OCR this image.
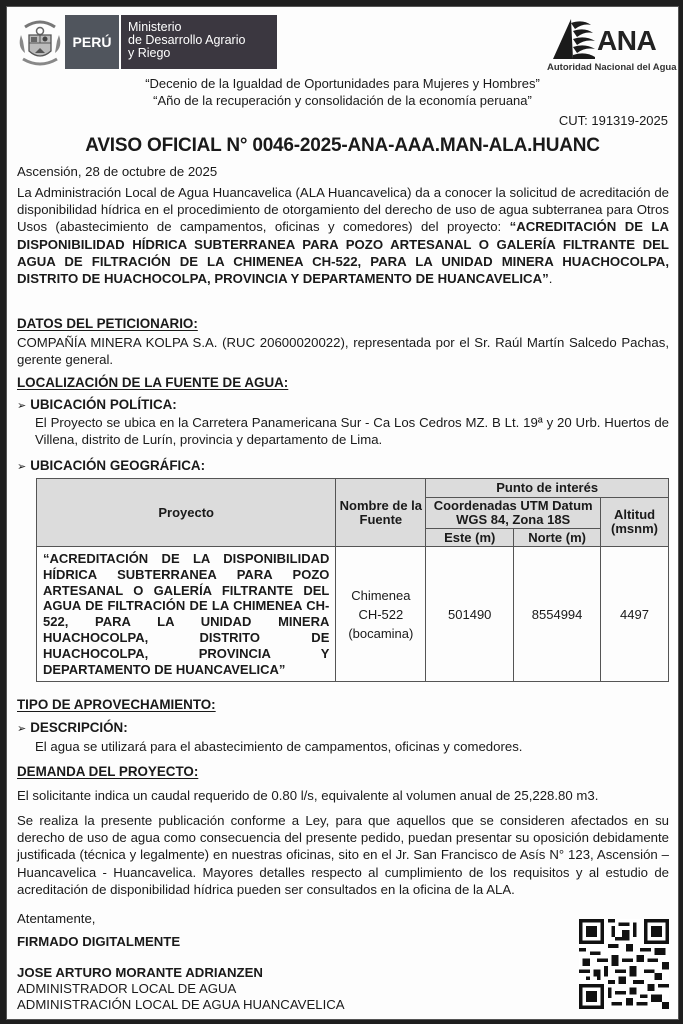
PERÚ
Ministerio
de Desarrollo Agrario
y Riego	ANA
Autoridad Nacional del Agua
“Decenio de la Igualdad de Oportunidades para Mujeres y Hombres”
“Año de la recuperación y consolidación de la economía peruana”
CUT: 191319-2025
AVISO OFICIAL N° 0046-2025-ANA-AAA.MAN-ALA.HUANC
Ascensión, 28 de octubre de 2025
La Administración Local de Agua Huancavelica (ALA Huancavelica) da a conocer la solicitud de acreditación de disponibilidad hídrica en el procedimiento de otorgamiento del derecho de uso de agua subterranea para Otros Usos (abastecimiento de campamentos, oficinas y comedores) del proyecto: “ACREDITACIÓN DE LA DISPONIBILIDAD HÍDRICA SUBTERRANEA PARA POZO ARTESANAL O GALERÍA FILTRANTE DEL AGUA DE FILTRACIÓN DE LA CHIMENEA CH-522, PARA LA UNIDAD MINERA HUACHOCOLPA, DISTRITO DE HUACHOCOLPA, PROVINCIA Y DEPARTAMENTO DE HUANCAVELICA”.
DATOS DEL PETICIONARIO:
COMPAÑÍA MINERA KOLPA S.A. (RUC 20600020022), representada por el Sr. Raúl Martín Salcedo Pachas, gerente general.
LOCALIZACIÓN DE LA FUENTE DE AGUA:
➢ UBICACIÓN POLÍTICA:
El Proyecto se ubica en la Carretera Panamericana Sur - Ca Los Cedros MZ. B Lt. 19ª y 20 Urb. Huertos de Villena, distrito de Lurín, provincia y departamento de Lima.
➢ UBICACIÓN GEOGRÁFICA:
Proyecto	Nombre de la Fuente	Punto de interés		
		Coordenadas UTM Datum WGS 84, Zona 18S		Altitud (msnm)
		Este (m)	Norte (m)	
“ACREDITACIÓN DE LA DISPONIBILIDAD HÍDRICA SUBTERRANEA PARA POZO ARTESANAL O GALERÍA FILTRANTE DEL AGUA DE FILTRACIÓN DE LA CHIMENEA CH-522, PARA LA UNIDAD MINERA HUACHOCOLPA, DISTRITO DE HUACHOCOLPA, PROVINCIA Y DEPARTAMENTO DE HUANCAVELICA”	Chimenea CH-522 (bocamina)	501490	8554994	4497
TIPO DE APROVECHAMIENTO:
➢ DESCRIPCIÓN:
El agua se utilizará para el abastecimiento de campamentos, oficinas y comedores.
DEMANDA DEL PROYECTO:
El solicitante indica un caudal requerido de 0.80 l/s, equivalente al volumen anual de 25,228.80 m3.
Se realiza la presente publicación conforme a Ley, para que aquellos que se consideren afectados en su derecho de uso de agua como consecuencia del presente pedido, puedan presentar su oposición debidamente justificada (técnica y legalmente) en nuestras oficinas, sito en el Jr. San Francisco de Asís N° 123, Ascensión – Huancavelica - Huancavelica. Mayores detalles respecto al cumplimiento de los requisitos y al estudio de acreditación de disponibilidad hídrica pueden ser consultados en la oficina de la ALA.
Atentamente,
FIRMADO DIGITALMENTE
JOSE ARTURO MORANTE ADRIANZEN
ADMINISTRADOR LOCAL DE AGUA
ADMINISTRACIÓN LOCAL DE AGUA HUANCAVELICA
